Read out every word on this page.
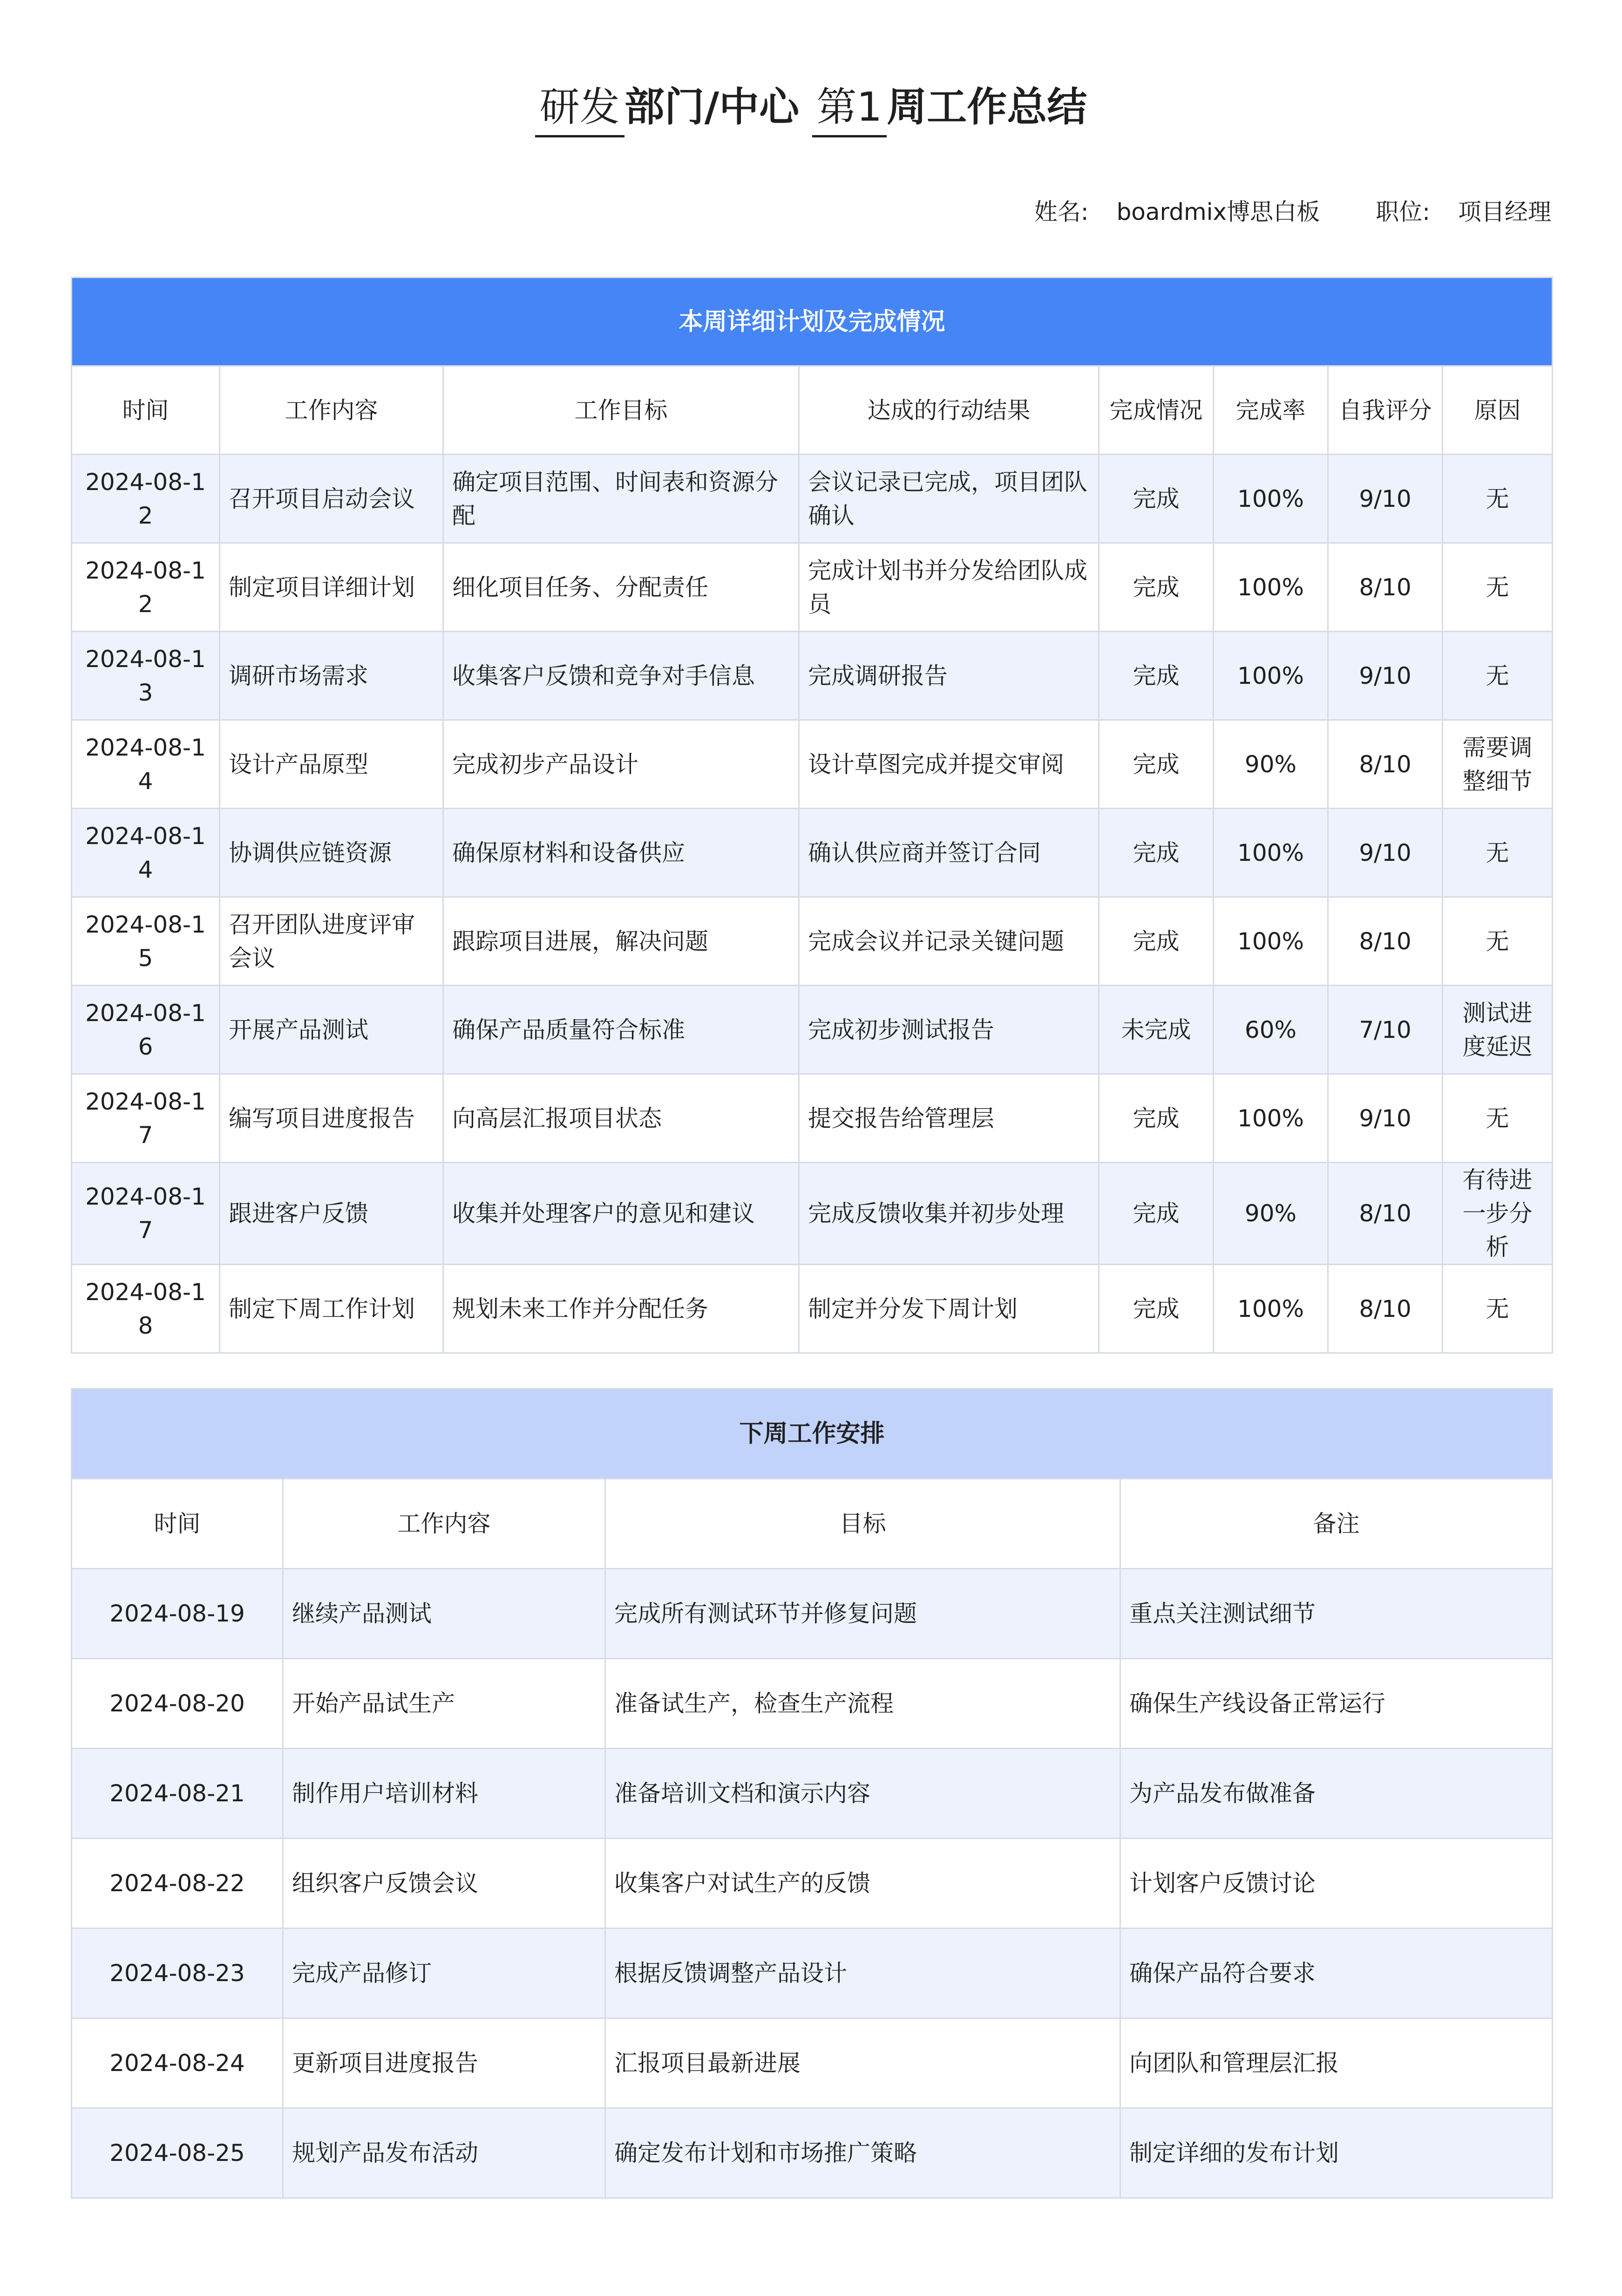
研发 部门/中心 第1 周工作总结
姓名: boardmix博思白板 职位: 项目经理
本周详细计划及完成情况							
时间	工作内容	工作目标	达成的行动结果	完成情况	完成率	自我评分	原因
2024-08-12	召开项目启动会议	确定项目范围、时间表和资源分配	会议记录已完成，项目团队确认	完成	100%	9/10	无
2024-08-12	制定项目详细计划	细化项目任务、分配责任	完成计划书并分发给团队成员	完成	100%	8/10	无
2024-08-13	调研市场需求	收集客户反馈和竞争对手信息	完成调研报告	完成	100%	9/10	无
2024-08-14	设计产品原型	完成初步产品设计	设计草图完成并提交审阅	完成	90%	8/10	需要调整细节
2024-08-14	协调供应链资源	确保原材料和设备供应	确认供应商并签订合同	完成	100%	9/10	无
2024-08-15	召开团队进度评审会议	跟踪项目进展，解决问题	完成会议并记录关键问题	完成	100%	8/10	无
2024-08-16	开展产品测试	确保产品质量符合标准	完成初步测试报告	未完成	60%	7/10	测试进度延迟
2024-08-17	编写项目进度报告	向高层汇报项目状态	提交报告给管理层	完成	100%	9/10	无
2024-08-17	跟进客户反馈	收集并处理客户的意见和建议	完成反馈收集并初步处理	完成	90%	8/10	有待进一步分析
2024-08-18	制定下周工作计划	规划未来工作并分配任务	制定并分发下周计划	完成	100%	8/10	无
下周工作安排			
时间	工作内容	目标	备注
2024-08-19	继续产品测试	完成所有测试环节并修复问题	重点关注测试细节
2024-08-20	开始产品试生产	准备试生产，检查生产流程	确保生产线设备正常运行
2024-08-21	制作用户培训材料	准备培训文档和演示内容	为产品发布做准备
2024-08-22	组织客户反馈会议	收集客户对试生产的反馈	计划客户反馈讨论
2024-08-23	完成产品修订	根据反馈调整产品设计	确保产品符合要求
2024-08-24	更新项目进度报告	汇报项目最新进展	向团队和管理层汇报
2024-08-25	规划产品发布活动	确定发布计划和市场推广策略	制定详细的发布计划
